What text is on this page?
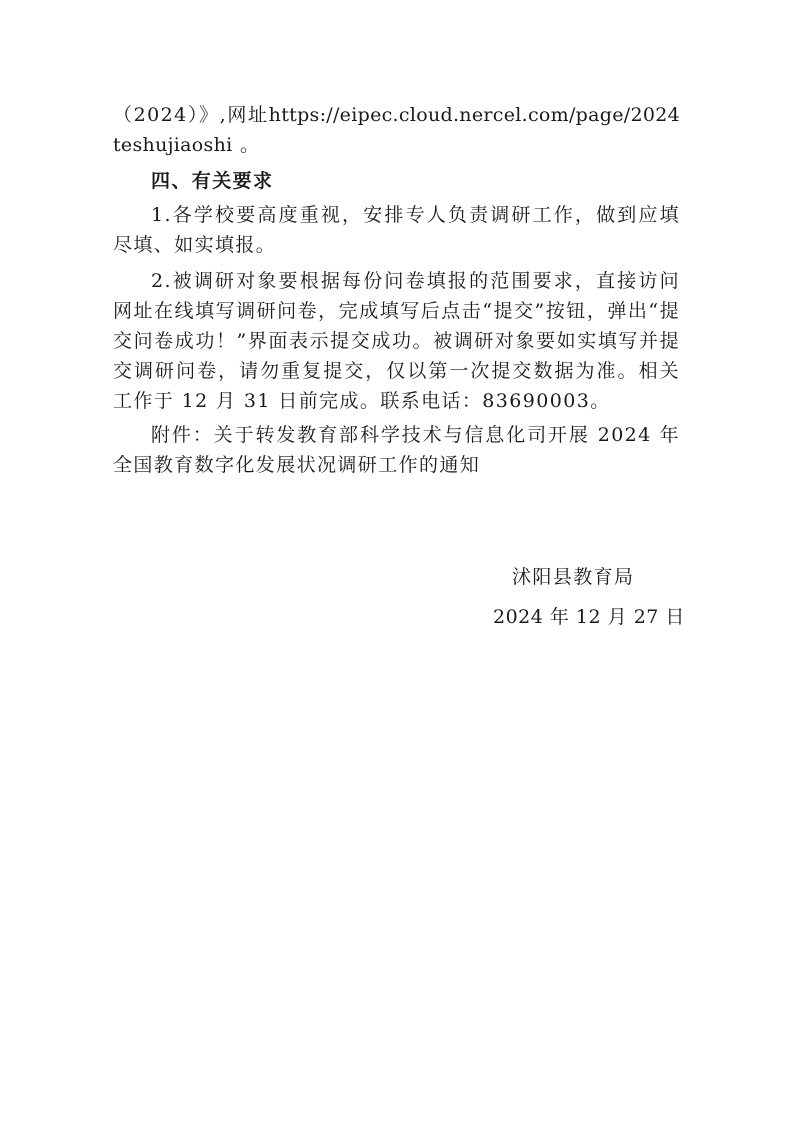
（2024）》,网址https://eipec.cloud.nercel.com/page/2024teshujiaoshi 。

四、有关要求

1.各学校要高度重视，安排专人负责调研工作，做到应填尽填、如实填报。

2.被调研对象要根据每份问卷填报的范围要求，直接访问网址在线填写调研问卷，完成填写后点击“提交”按钮，弹出“提交问卷成功！”界面表示提交成功。被调研对象要如实填写并提交调研问卷，请勿重复提交，仅以第一次提交数据为准。相关工作于 12 月 31 日前完成。联系电话：83690003。

附件：关于转发教育部科学技术与信息化司开展 2024 年全国教育数字化发展状况调研工作的通知

沭阳县教育局
2024 年 12 月 27 日
